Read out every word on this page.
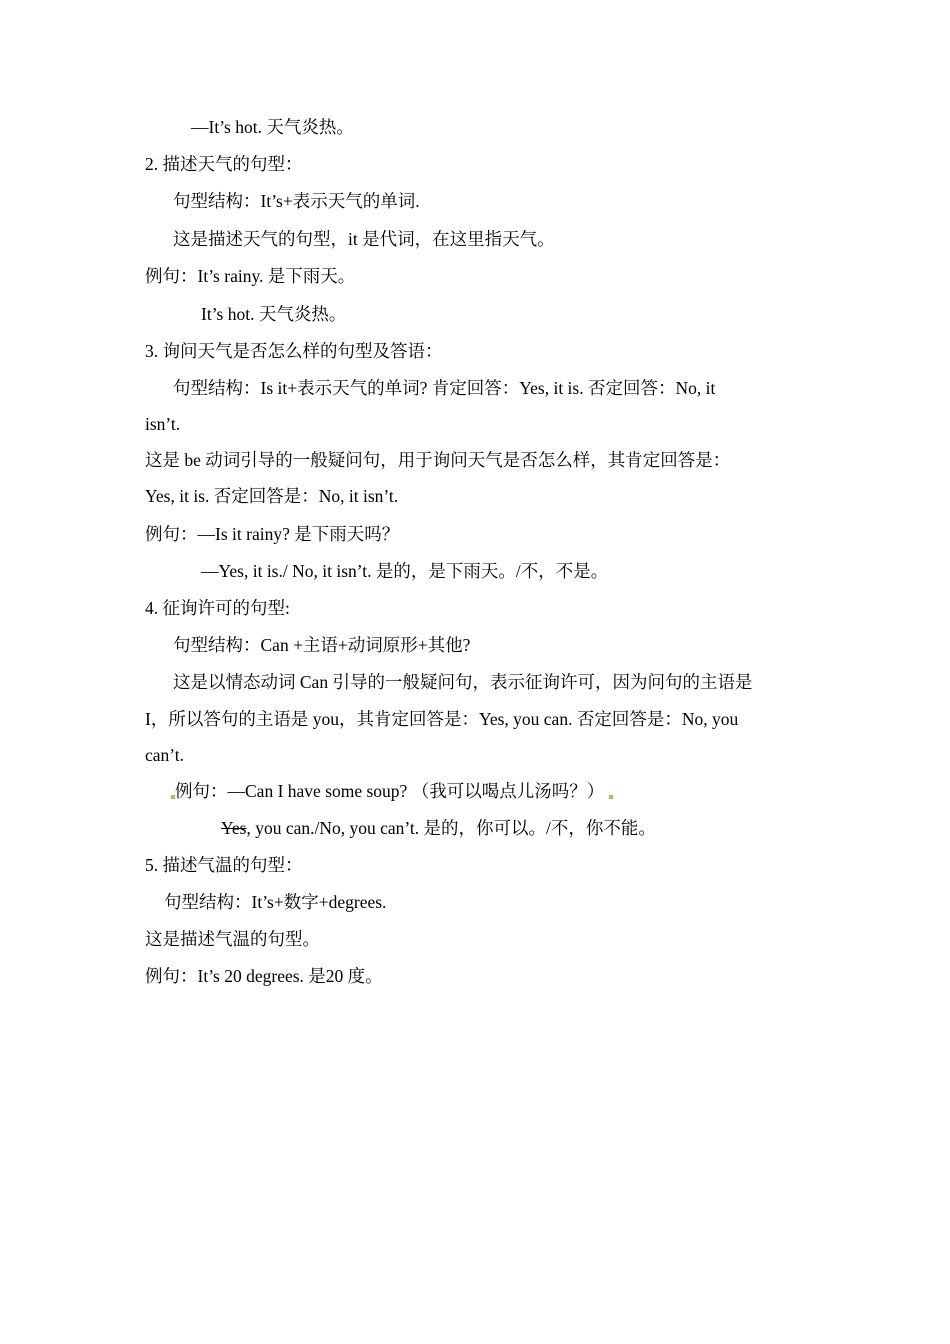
—It’s hot. 天气炎热。
2. 描述天气的句型：
句型结构：It’s+表示天气的单词.
这是描述天气的句型，it 是代词，在这里指天气。
例句：It’s rainy. 是下雨天。
It’s hot. 天气炎热。
3. 询问天气是否怎么样的句型及答语：
句型结构：Is it+表示天气的单词? 肯定回答：Yes, it is. 否定回答：No, it
isn’t.
这是 be 动词引导的一般疑问句，用于询问天气是否怎么样，其肯定回答是：
Yes, it is. 否定回答是：No, it isn’t.
例句：—Is it rainy? 是下雨天吗？
—Yes, it is./ No, it isn’t. 是的，是下雨天。/不，不是。
4. 征询许可的句型:
句型结构：Can +主语+动词原形+其他?
这是以情态动词 Can 引导的一般疑问句，表示征询许可，因为问句的主语是
I，所以答句的主语是 you，其肯定回答是：Yes, you can. 否定回答是：No, you
can’t.
例句：—Can I have some soup? （我可以喝点儿汤吗？）
Yes, you can./No, you can’t. 是的，你可以。/不，你不能。
5. 描述气温的句型：
句型结构：It’s+数字+degrees.
这是描述气温的句型。
例句：It’s 20 degrees. 是20 度。
